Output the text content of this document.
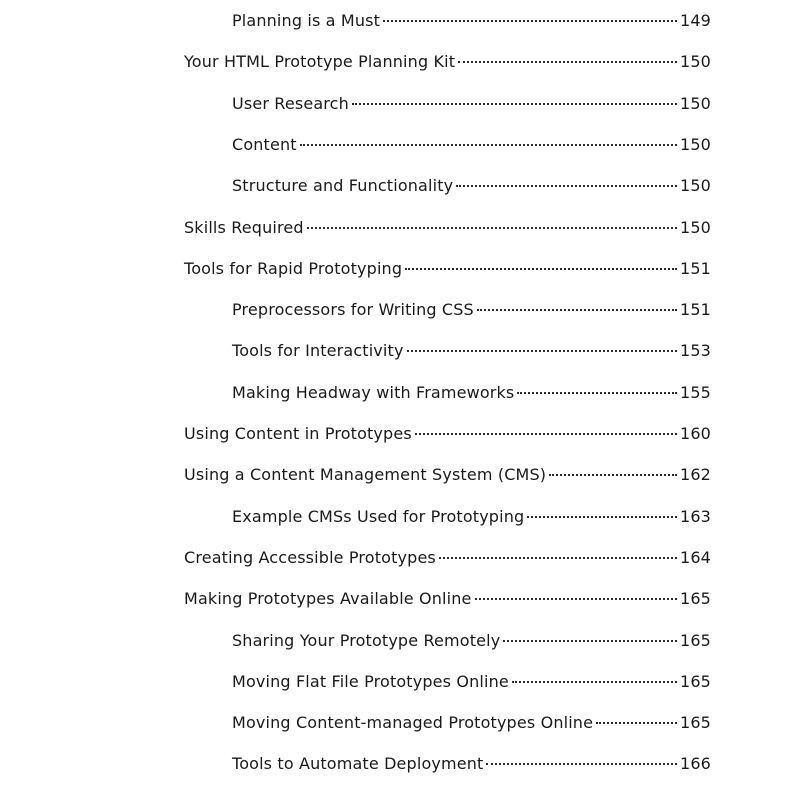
Planning is a Must	149
Your HTML Prototype Planning Kit	150
User Research	150
Content	150
Structure and Functionality	150
Skills Required	150
Tools for Rapid Prototyping	151
Preprocessors for Writing CSS	151
Tools for Interactivity	153
Making Headway with Frameworks	155
Using Content in Prototypes	160
Using a Content Management System (CMS)	162
Example CMSs Used for Prototyping	163
Creating Accessible Prototypes	164
Making Prototypes Available Online	165
Sharing Your Prototype Remotely	165
Moving Flat File Prototypes Online	165
Moving Content-managed Prototypes Online	165
Tools to Automate Deployment	166
